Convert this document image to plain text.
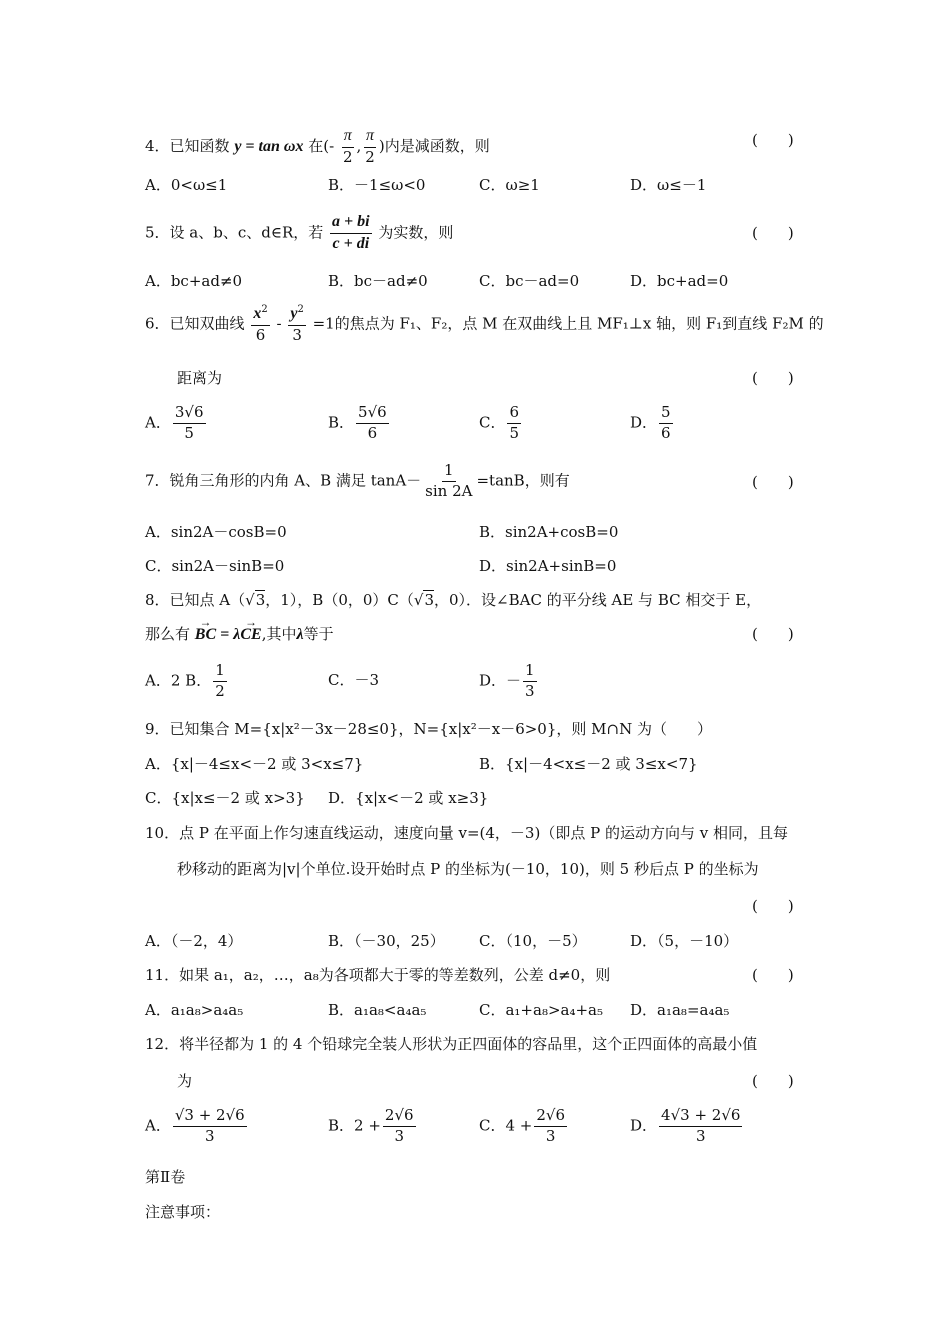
4．已知函数 y = tan ωx 在(- $\frac{\pi}{2}$ , $\frac{\pi}{2}$ )内是减函数，则	(　　)
A．0<ω≤1	B．－1≤ω<0	C．ω≥1	D．ω≤－1
5．设 a、b、c、d∈R，若 $\frac{a + bi}{c + di}$ 为实数，则	(　　)
A．bc+ad≠0	B．bc－ad≠0	C．bc－ad=0	D．bc+ad=0
6．已知双曲线 $\frac{x^2}{6} - \frac{y^2}{3} =1$的焦点为 F₁、F₂，点 M 在双曲线上且 MF₁⊥x 轴，则 F₁到直线 F₂M 的
距离为	(　　)
A． $\frac{3√6}{5}$	B． $\frac{5√6}{6}$	C． $\frac{6}{5}$	D． $\frac{5}{6}$
7．锐角三角形的内角 A、B 满足 $\tan A- \frac{1}{\sin 2A} =\tan B$，则有	(　　)
A．sin2A－cosB=0	B．sin2A+cosB=0
C．sin2A－sinB=0	D．sin2A+sinB=0
8．已知点 A（√3，1），B（0，0）C（√3，0）．设∠BAC 的平分线 AE 与 BC 相交于 E，
那么有 → BC = λ→ CE,其中λ等于	(　　)
A．2 B． $\frac{1}{2}$	C．－3	D．－ $\frac{1}{3}$
9．已知集合 M={x|x²－3x－28≤0}，N={x|x²－x－6>0}，则 M∩N 为（　　）
A．{x|－4≤x<－2 或 3<x≤7}	B．{x|－4<x≤－2 或 3≤x<7}
C．{x|x≤－2 或 x>3} D．{x|x<－2 或 x≥3}
10．点 P 在平面上作匀速直线运动，速度向量 v=(4，－3)（即点 P 的运动方向与 v 相同，且每
秒移动的距离为|v|个单位.设开始时点 P 的坐标为(－10，10)，则 5 秒后点 P 的坐标为
(　　)
A．（－2，4）	B．（－30，25） C．（10，－5）	D．（5，－10）
11．如果 a₁，a₂，…，a₈为各项都大于零的等差数列，公差 d≠0，则	(　　)
A．a₁a₈>a₄a₅	B．a₁a₈<a₄a₅	C．a₁+a₈>a₄+a₅ D．a₁a₈=a₄a₅
12．将半径都为 1 的 4 个铅球完全装人形状为正四面体的容品里，这个正四面体的高最小值
为	(　　)
A． $\frac{√3 + 2√6}{3}$	B．$2 + \frac{2√6}{3}$	C．$4 + \frac{2√6}{3}$	D． $\frac{4√3 + 2√6}{3}$
第Ⅱ卷
注意事项：
